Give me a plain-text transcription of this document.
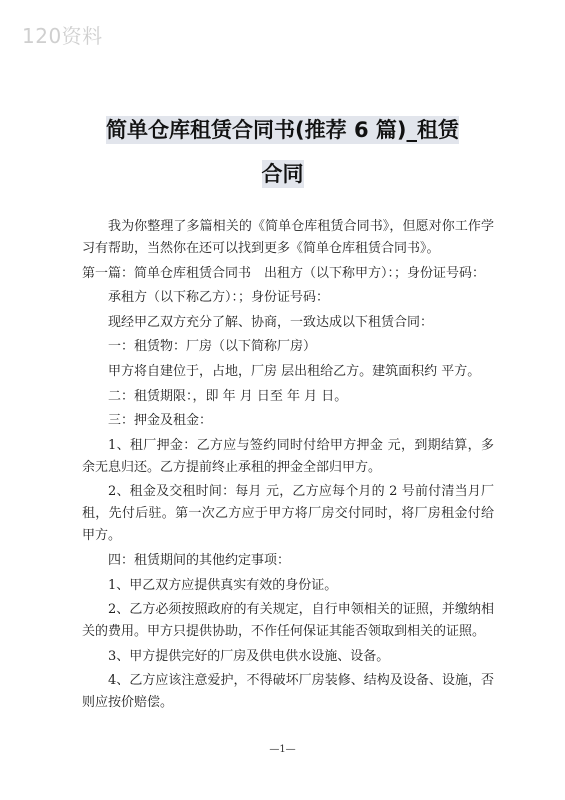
120资料
简单仓库租赁合同书(推荐 6 篇)_租赁
合同

我为你整理了多篇相关的《简单仓库租赁合同书》，但愿对你工作学习有帮助，当然你在还可以找到更多《简单仓库租赁合同书》。

第一篇：简单仓库租赁合同书　出租方（以下称甲方）：；身份证号码：

承租方（以下称乙方）：；身份证号码：

现经甲乙双方充分了解、协商，一致达成以下租赁合同：

一：租赁物：厂房（以下简称厂房）

甲方将自建位于，占地，厂房 层出租给乙方。建筑面积约 平方。

二：租赁期限：，即 年 月 日至 年 月 日。

三：押金及租金：

1、租厂押金：乙方应与签约同时付给甲方押金 元，到期结算，多余无息归还。乙方提前终止承租的押金全部归甲方。

2、租金及交租时间：每月 元，乙方应每个月的 2 号前付清当月厂租，先付后驻。第一次乙方应于甲方将厂房交付同时，将厂房租金付给甲方。

四：租赁期间的其他约定事项：

1、甲乙双方应提供真实有效的身份证。

2、乙方必须按照政府的有关规定，自行申领相关的证照，并缴纳相关的费用。甲方只提供协助，不作任何保证其能否领取到相关的证照。

3、甲方提供完好的厂房及供电供水设施、设备。

4、乙方应该注意爱护，不得破坏厂房装修、结构及设备、设施，否则应按价赔偿。

—1—
